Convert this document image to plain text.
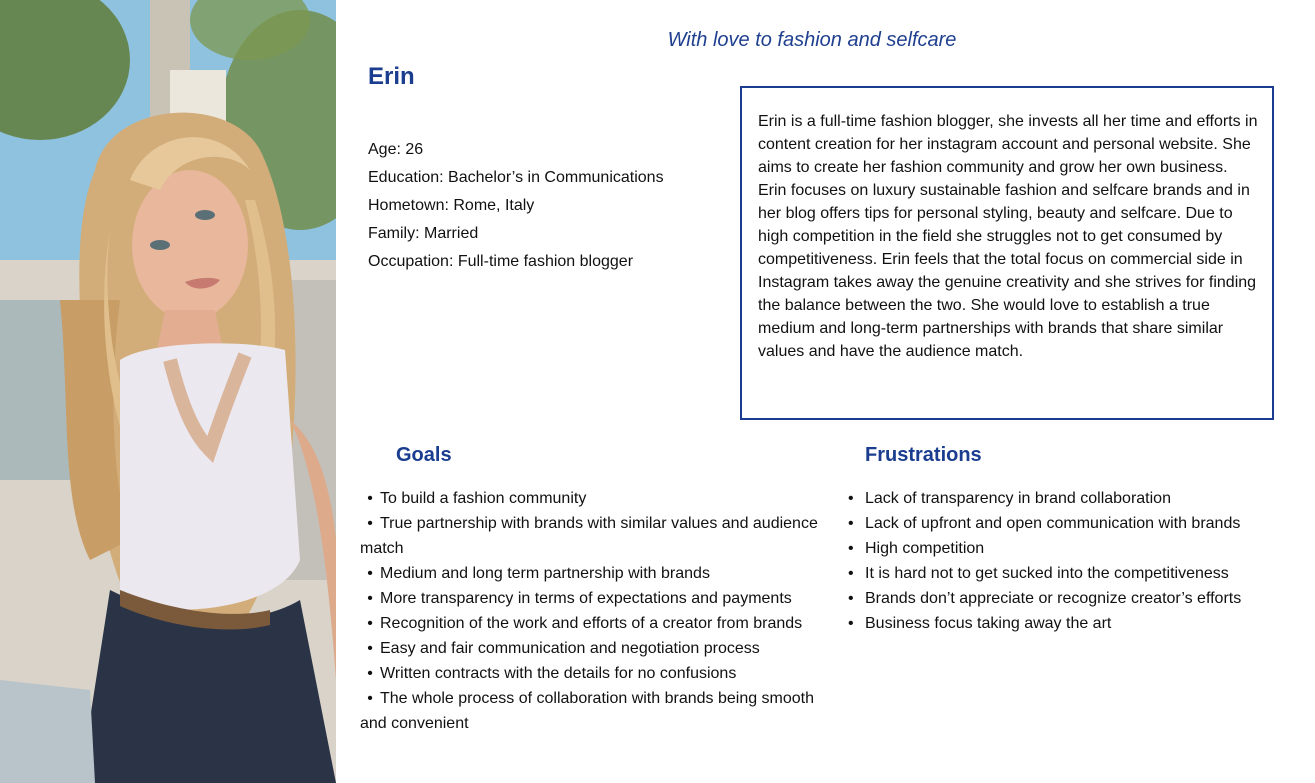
With love to fashion and selfcare
Erin
Age: 26
Education: Bachelor’s in Communications
Hometown: Rome, Italy
Family: Married
Occupation: Full-time fashion blogger

Erin is a full-time fashion blogger, she invests all her time and efforts in content creation for her instagram account and personal website. She aims to create her fashion community and grow her own business. Erin focuses on luxury sustainable fashion and selfcare brands and in her blog offers tips for personal styling, beauty and selfcare. Due to high competition in the field she struggles not to get consumed by competitiveness. Erin feels that the total focus on commercial side in Instagram takes away the genuine creativity and she strives for finding the balance between the two. She would love to establish a true medium and long-term partnerships with brands that share similar values and have the audience match.

Goals
• To build a fashion community
• True partnership with brands with similar values and audience match
• Medium and long term partnership with brands
• More transparency in terms of expectations and payments
• Recognition of the work and efforts of a creator from brands
• Easy and fair communication and negotiation process
• Written contracts with the details for no confusions
• The whole process of collaboration with brands being smooth and convenient
Frustrations
• Lack of transparency in brand collaboration
• Lack of upfront and open communication with brands
• High competition
• It is hard not to get sucked into the competitiveness
• Brands don’t appreciate or recognize creator’s efforts
• Business focus taking away the art
